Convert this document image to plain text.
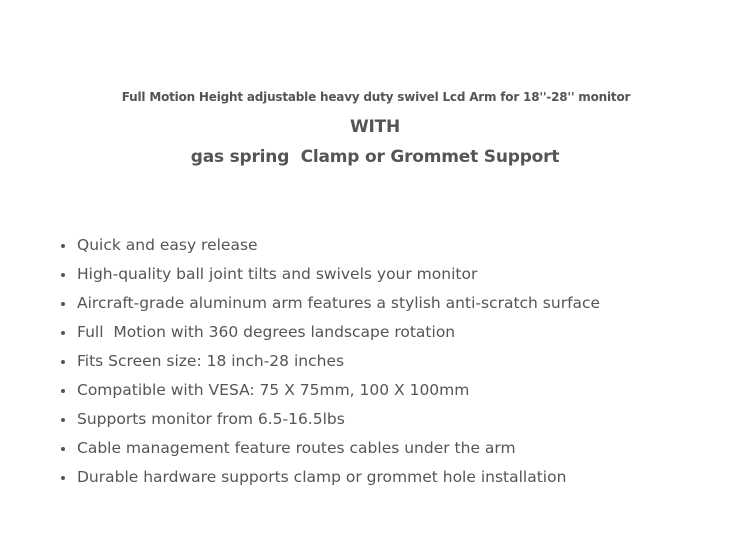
Full Motion Height adjustable heavy duty swivel Lcd Arm for 18''-28'' monitor
WITH
gas spring  Clamp or Grommet Support
Quick and easy release
High-quality ball joint tilts and swivels your monitor
Aircraft-grade aluminum arm features a stylish anti-scratch surface
Full  Motion with 360 degrees landscape rotation
Fits Screen size: 18 inch-28 inches
Compatible with VESA: 75 X 75mm, 100 X 100mm
Supports monitor from 6.5-16.5lbs
Cable management feature routes cables under the arm
Durable hardware supports clamp or grommet hole installation
